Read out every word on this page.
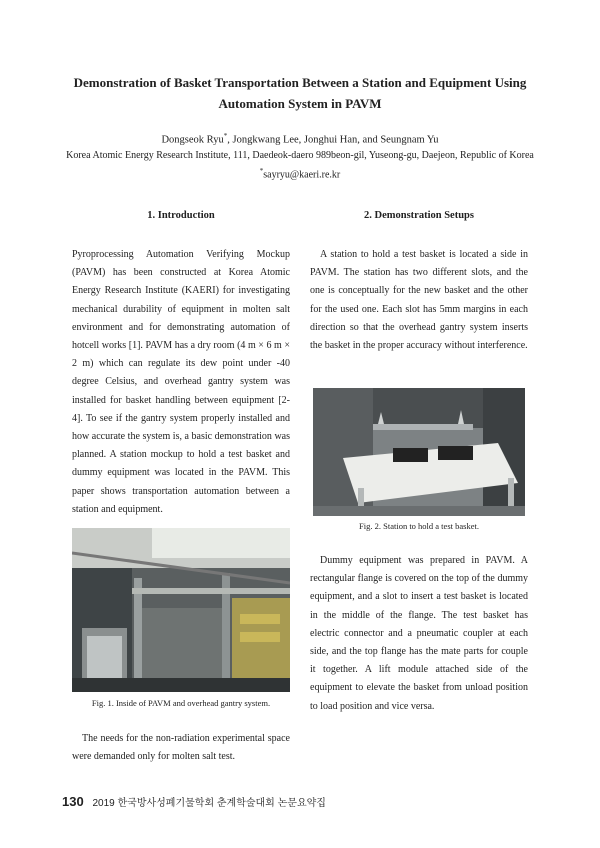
Demonstration of Basket Transportation Between a Station and Equipment Using Automation System in PAVM
Dongseok Ryu*, Jongkwang Lee, Jonghui Han, and Seungnam Yu
Korea Atomic Energy Research Institute, 111, Daedeok-daero 989beon-gil, Yuseong-gu, Daejeon, Republic of Korea
*sayryu@kaeri.re.kr
1. Introduction	2. Demonstration Setups
Pyroprocessing Automation Verifying Mockup (PAVM) has been constructed at Korea Atomic Energy Research Institute (KAERI) for investigating mechanical durability of equipment in molten salt environment and for demonstrating automation of hotcell works [1]. PAVM has a dry room (4 m × 6 m × 2 m) which can regulate its dew point under -40 degree Celsius, and overhead gantry system was installed for basket handling between equipment [2-4]. To see if the gantry system properly installed and how accurate the system is, a basic demonstration was planned. A station mockup to hold a test basket and dummy equipment was located in the PAVM. This paper shows transportation automation between a station and equipment.
Fig. 1. Inside of PAVM and overhead gantry system.
The needs for the non-radiation experimental space were demanded only for molten salt test.
A station to hold a test basket is located a side in PAVM. The station has two different slots, and the one is conceptually for the new basket and the other for the used one. Each slot has 5mm margins in each direction so that the overhead gantry system inserts the basket in the proper accuracy without interference.
Fig. 2. Station to hold a test basket.
Dummy equipment was prepared in PAVM. A rectangular flange is covered on the top of the dummy equipment, and a slot to insert a test basket is located in the middle of the flange. The test basket has electric connector and a pneumatic coupler at each side, and the top flange has the mate parts for couple it together. A lift module attached side of the equipment to elevate the basket from unload position to load position and vice versa.
130 2019 한국방사성폐기물학회 춘계학술대회 논문요약집
